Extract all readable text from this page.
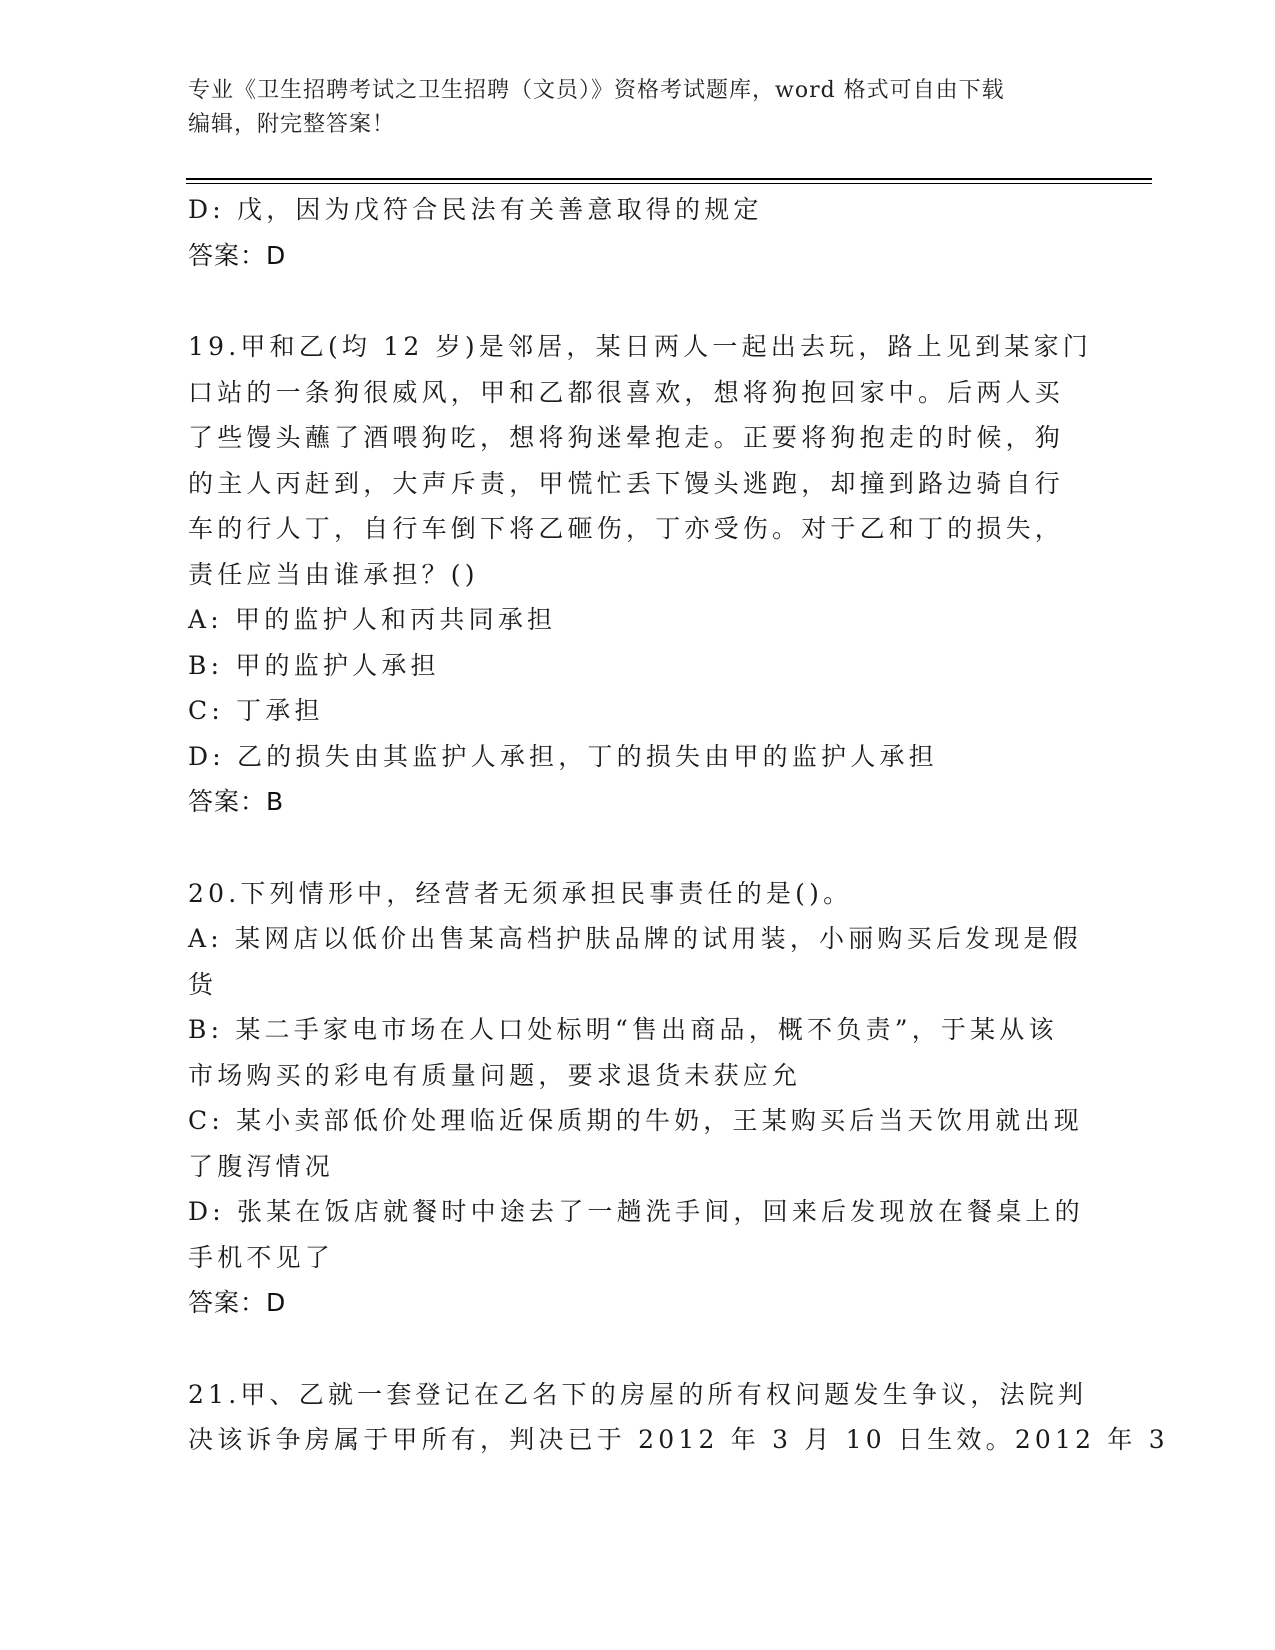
专业《卫生招聘考试之卫生招聘（文员）》资格考试题库，word 格式可自由下载
编辑，附完整答案！
D: 戊，因为戊符合民法有关善意取得的规定
答案：D
19.甲和乙(均 12 岁)是邻居，某日两人一起出去玩，路上见到某家门
口站的一条狗很威风，甲和乙都很喜欢，想将狗抱回家中。后两人买
了些馒头蘸了酒喂狗吃，想将狗迷晕抱走。正要将狗抱走的时候，狗
的主人丙赶到，大声斥责，甲慌忙丢下馒头逃跑，却撞到路边骑自行
车的行人丁，自行车倒下将乙砸伤，丁亦受伤。对于乙和丁的损失，
责任应当由谁承担？()
A: 甲的监护人和丙共同承担
B: 甲的监护人承担
C: 丁承担
D: 乙的损失由其监护人承担，丁的损失由甲的监护人承担
答案：B
20.下列情形中，经营者无须承担民事责任的是()。
A: 某网店以低价出售某高档护肤品牌的试用装，小丽购买后发现是假
货
B: 某二手家电市场在人口处标明“售出商品，概不负责”，于某从该
市场购买的彩电有质量问题，要求退货未获应允
C: 某小卖部低价处理临近保质期的牛奶，王某购买后当天饮用就出现
了腹泻情况
D: 张某在饭店就餐时中途去了一趟洗手间，回来后发现放在餐桌上的
手机不见了
答案：D
21.甲、乙就一套登记在乙名下的房屋的所有权问题发生争议，法院判
决该诉争房属于甲所有，判决已于 2012 年 3 月 10 日生效。2012 年 3
